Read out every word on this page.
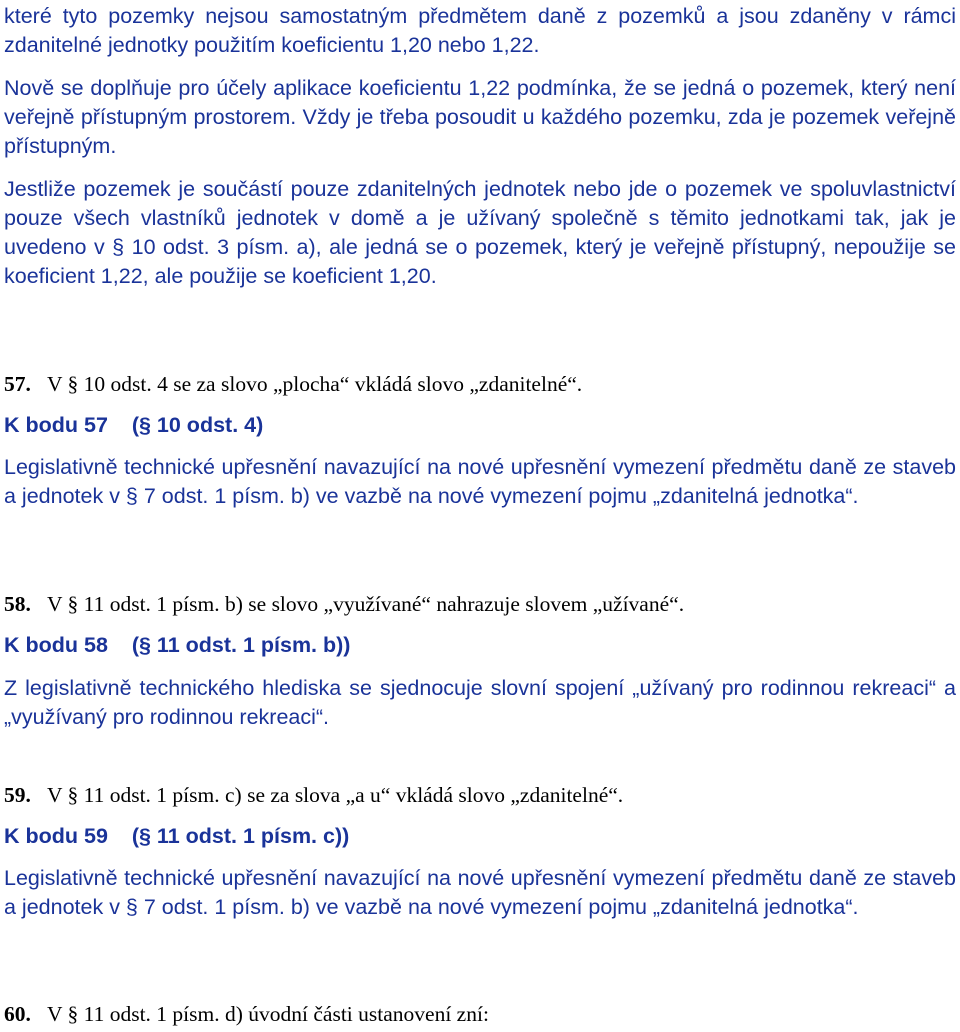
které tyto pozemky nejsou samostatným předmětem daně z pozemků a jsou zdaněny v rámci zdanitelné jednotky použitím koeficientu 1,20 nebo 1,22.

Nově se doplňuje pro účely aplikace koeficientu 1,22 podmínka, že se jedná o pozemek, který není veřejně přístupným prostorem. Vždy je třeba posoudit u každého pozemku, zda je pozemek veřejně přístupným.

Jestliže pozemek je součástí pouze zdanitelných jednotek nebo jde o pozemek ve spoluvlastnictví pouze všech vlastníků jednotek v domě a je užívaný společně s těmito jednotkami tak, jak je uvedeno v § 10 odst. 3 písm. a), ale jedná se o pozemek, který je veřejně přístupný, nepoužije se koeficient 1,22, ale použije se koeficient 1,20.

57. V § 10 odst. 4 se za slovo „plocha“ vkládá slovo „zdanitelné“.
K bodu 57 (§ 10 odst. 4)

Legislativně technické upřesnění navazující na nové upřesnění vymezení předmětu daně ze staveb a jednotek v § 7 odst. 1 písm. b) ve vazbě na nové vymezení pojmu „zdanitelná jednotka“.

58. V § 11 odst. 1 písm. b) se slovo „využívané“ nahrazuje slovem „užívané“.
K bodu 58 (§ 11 odst. 1 písm. b))

Z legislativně technického hlediska se sjednocuje slovní spojení „užívaný pro rodinnou rekreaci“ a „využívaný pro rodinnou rekreaci“.

59. V § 11 odst. 1 písm. c) se za slova „a u“ vkládá slovo „zdanitelné“.
K bodu 59 (§ 11 odst. 1 písm. c))

Legislativně technické upřesnění navazující na nové upřesnění vymezení předmětu daně ze staveb a jednotek v § 7 odst. 1 písm. b) ve vazbě na nové vymezení pojmu „zdanitelná jednotka“.

60. V § 11 odst. 1 písm. d) úvodní části ustanovení zní:
